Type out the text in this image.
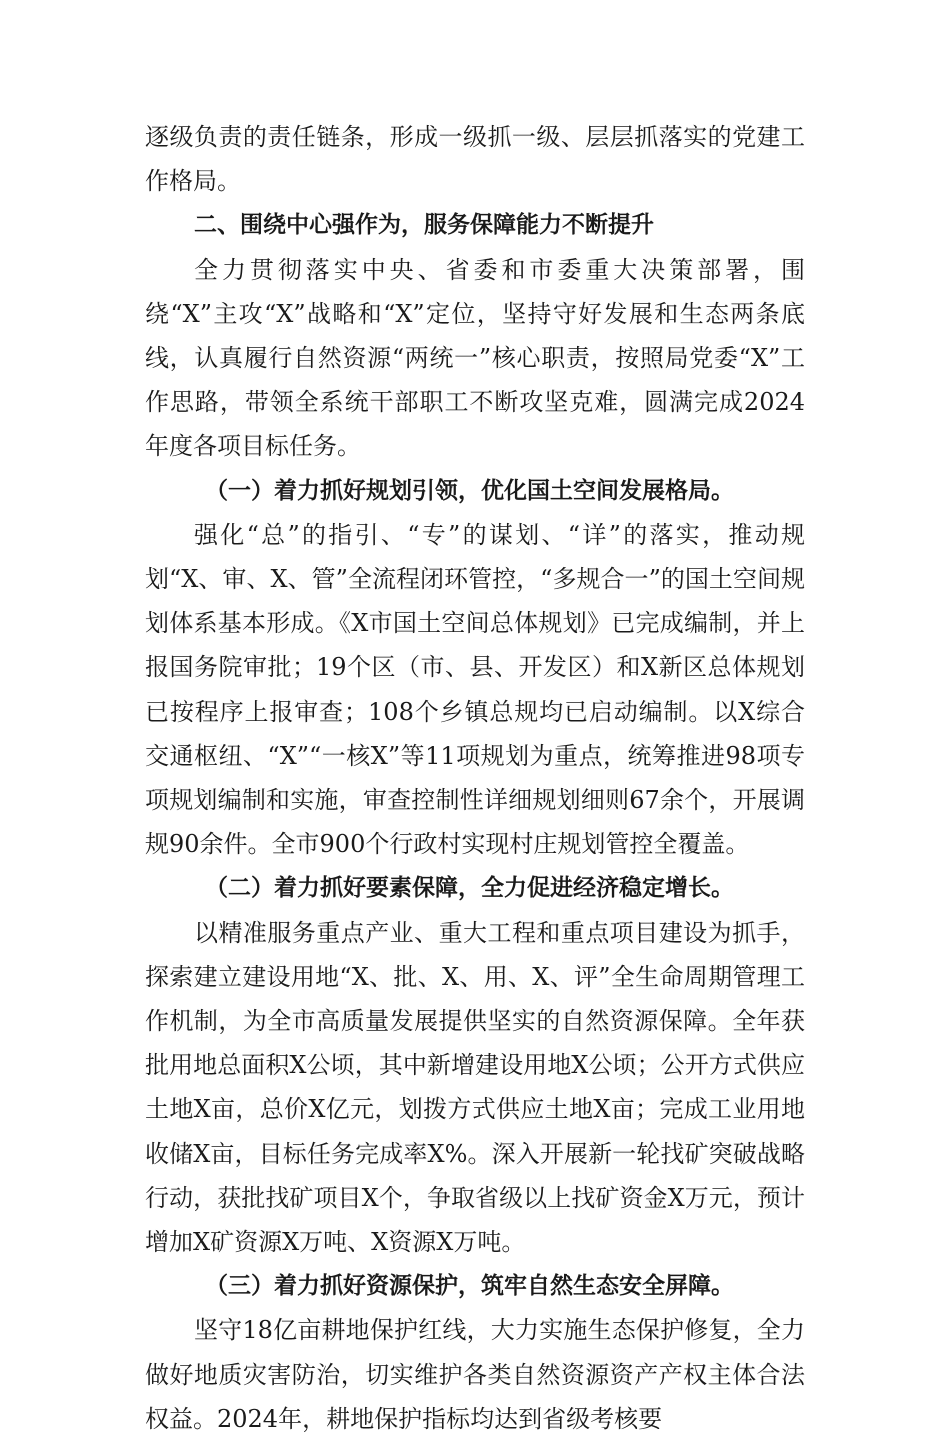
逐级负责的责任链条，形成一级抓一级、层层抓落实的党建工作格局。

二、围绕中心强作为，服务保障能力不断提升

全力贯彻落实中央、省委和市委重大决策部署，围绕“X”主攻“X”战略和“X”定位，坚持守好发展和生态两条底线，认真履行自然资源“两统一”核心职责，按照局党委“X”工作思路，带领全系统干部职工不断攻坚克难，圆满完成2024年度各项目标任务。

（一）着力抓好规划引领，优化国土空间发展格局。

强化“总”的指引、“专”的谋划、“详”的落实，推动规划“X、审、X、管”全流程闭环管控，“多规合一”的国土空间规划体系基本形成。《X市国土空间总体规划》已完成编制，并上报国务院审批；19个区（市、县、开发区）和X新区总体规划已按程序上报审查；108个乡镇总规均已启动编制。以X综合交通枢纽、“X”“一核X”等11项规划为重点，统筹推进98项专项规划编制和实施，审查控制性详细规划细则67余个，开展调规90余件。全市900个行政村实现村庄规划管控全覆盖。

（二）着力抓好要素保障，全力促进经济稳定增长。

以精准服务重点产业、重大工程和重点项目建设为抓手，探索建立建设用地“X、批、X、用、X、评”全生命周期管理工作机制，为全市高质量发展提供坚实的自然资源保障。全年获批用地总面积X公顷，其中新增建设用地X公顷；公开方式供应土地X亩，总价X亿元，划拨方式供应土地X亩；完成工业用地收储X亩，目标任务完成率X%。深入开展新一轮找矿突破战略行动，获批找矿项目X个，争取省级以上找矿资金X万元，预计增加X矿资源X万吨、X资源X万吨。

（三）着力抓好资源保护，筑牢自然生态安全屏障。

坚守18亿亩耕地保护红线，大力实施生态保护修复，全力做好地质灾害防治，切实维护各类自然资源资产产权主体合法权益。2024年，耕地保护指标均达到省级考核要
